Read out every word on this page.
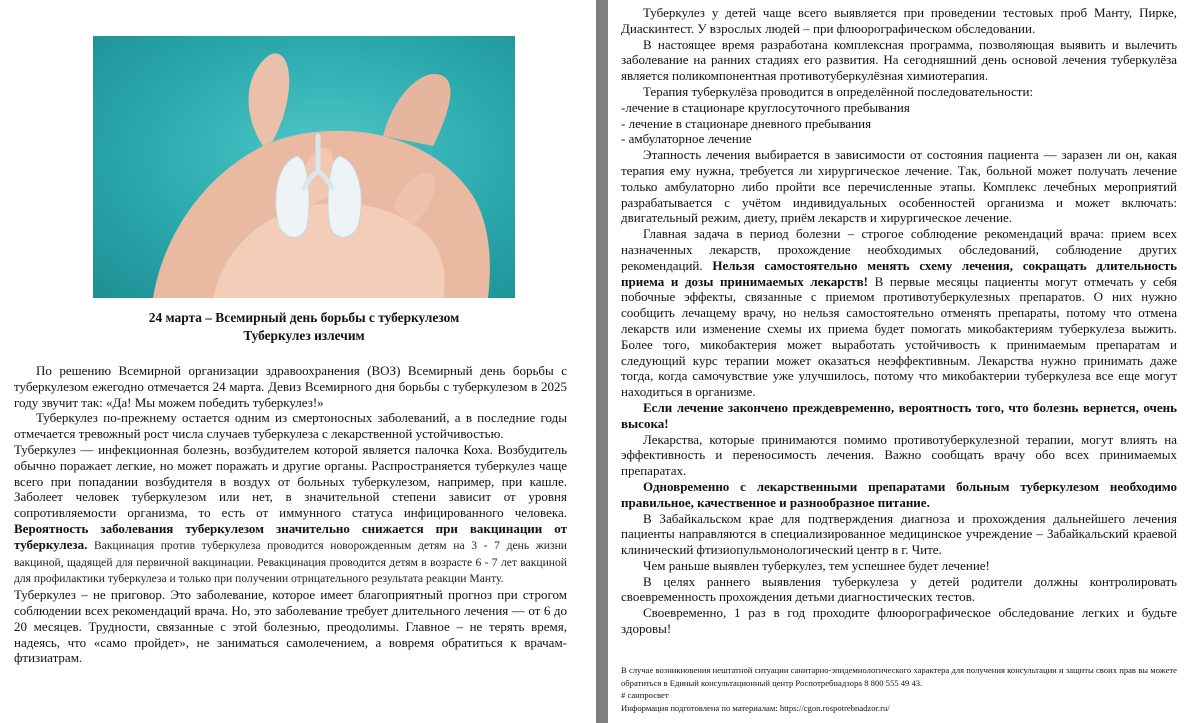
24 марта – Всемирный день борьбы с туберкулезом
Туберкулез излечим

По решению Всемирной организации здравоохранения (ВОЗ) Всемирный день борьбы с туберкулезом ежегодно отмечается 24 марта. Девиз Всемирного дня борьбы с туберкулезом в 2025 году звучит так: «Да! Мы можем победить туберкулез!»

Туберкулез по-прежнему остается одним из смертоносных заболеваний, а в последние годы отмечается тревожный рост числа случаев туберкулеза с лекарственной устойчивостью.

Туберкулез — инфекционная болезнь, возбудителем которой является палочка Коха. Возбудитель обычно поражает легкие, но может поражать и другие органы. Распространяется туберкулез чаще всего при попадании возбудителя в воздух от больных туберкулезом, например, при кашле. Заболеет человек туберкулезом или нет, в значительной степени зависит от уровня сопротивляемости организма, то есть от иммунного статуса инфицированного человека. Вероятность заболевания туберкулезом значительно снижается при вакцинации от туберкулеза. Вакцинация против туберкулеза проводится новорожденным детям на 3 - 7 день жизни вакциной, щадящей для первичной вакцинации. Ревакцинация проводится детям в возрасте 6 - 7 лет вакциной для профилактики туберкулеза и только при получении отрицательного результата реакции Манту.

Туберкулез – не приговор. Это заболевание, которое имеет благоприятный прогноз при строгом соблюдении всех рекомендаций врача. Но, это заболевание требует длительного лечения — от 6 до 20 месяцев. Трудности, связанные с этой болезнью, преодолимы. Главное – не терять время, надеясь, что «само пройдет», не заниматься самолечением, а вовремя обратиться к врачам-фтизиатрам.

Туберкулез у детей чаще всего выявляется при проведении тестовых проб Манту, Пирке, Диаскинтест. У взрослых людей – при флюорографическом обследовании.

В настоящее время разработана комплексная программа, позволяющая выявить и вылечить заболевание на ранних стадиях его развития. На сегодняшний день основой лечения туберкулёза является поликомпонентная противотуберкулёзная химиотерапия.

Терапия туберкулёза проводится в определённой последовательности:

-лечение в стационаре круглосуточного пребывания

- лечение в стационаре дневного пребывания

- амбулаторное лечение

Этапность лечения выбирается в зависимости от состояния пациента — заразен ли он, какая терапия ему нужна, требуется ли хирургическое лечение. Так, больной может получать лечение только амбулаторно либо пройти все перечисленные этапы. Комплекс лечебных мероприятий разрабатывается с учётом индивидуальных особенностей организма и может включать: двигательный режим, диету, приём лекарств и хирургическое лечение.

Главная задача в период болезни – строгое соблюдение рекомендаций врача: прием всех назначенных лекарств, прохождение необходимых обследований, соблюдение других рекомендаций. Нельзя самостоятельно менять схему лечения, сокращать длительность приема и дозы принимаемых лекарств! В первые месяцы пациенты могут отмечать у себя побочные эффекты, связанные с приемом противотуберкулезных препаратов. О них нужно сообщить лечащему врачу, но нельзя самостоятельно отменять препараты, потому что отмена лекарств или изменение схемы их приема будет помогать микобактериям туберкулеза выжить. Более того, микобактерия может выработать устойчивость к принимаемым препаратам и следующий курс терапии может оказаться неэффективным. Лекарства нужно принимать даже тогда, когда самочувствие уже улучшилось, потому что микобактерии туберкулеза все еще могут находиться в организме.

Если лечение закончено преждевременно, вероятность того, что болезнь вернется, очень высока!

Лекарства, которые принимаются помимо противотуберкулезной терапии, могут влиять на эффективность и переносимость лечения. Важно сообщать врачу обо всех принимаемых препаратах.

Одновременно с лекарственными препаратами больным туберкулезом необходимо правильное, качественное и разнообразное питание.

В Забайкальском крае для подтверждения диагноза и прохождения дальнейшего лечения пациенты направляются в специализированное медицинское учреждение – Забайкальский краевой клинический фтизиопульмонологический центр в г. Чите.

Чем раньше выявлен туберкулез, тем успешнее будет лечение!

В целях раннего выявления туберкулеза у детей родители должны контролировать своевременность прохождения детьми диагностических тестов.

Своевременно, 1 раз в год проходите флюорографическое обследование легких и будьте здоровы!

В случае возникновения нештатной ситуации санитарно-эпидемиологического характера для получения консультации и защиты своих прав вы можете обратиться в Единый консультационный центр Роспотребнадзора 8 800 555 49 43.
# санпросвет
Информация подготовлена по материалам: https://cgon.rospotrebnadzor.ru/
